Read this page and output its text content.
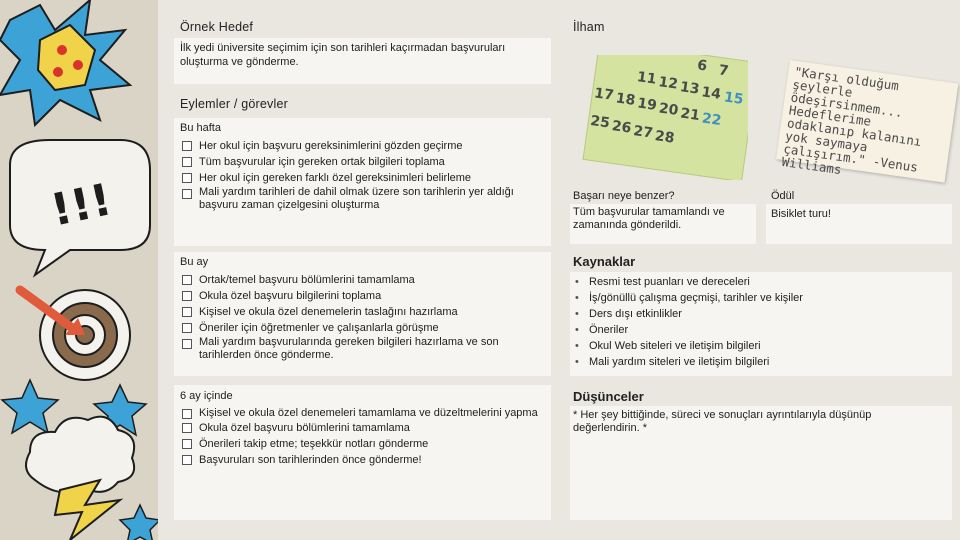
!!!
Örnek Hedef
İlk yedi üniversite seçimim için son tarihleri kaçırmadan başvuruları oluşturma ve gönderme.
Eylemler / görevler
Bu hafta
Her okul için başvuru gereksinimlerini gözden geçirme
Tüm başvurular için gereken ortak bilgileri toplama
Her okul için gereken farklı özel gereksinimleri belirleme
Mali yardım tarihleri de dahil olmak üzere son tarihlerin yer aldığı başvuru zaman çizelgesini oluşturma
Bu ay
Ortak/temel başvuru bölümlerini tamamlama
Okula özel başvuru bilgilerini toplama
Kişisel ve okula özel denemelerin taslağını hazırlama
Öneriler için öğretmenler ve çalışanlarla görüşme
Mali yardım başvurularında gereken bilgileri hazırlama ve son tarihlerden önce gönderme.
6 ay içinde
Kişisel ve okula özel denemeleri tamamlama ve düzeltmelerini yapma
Okula özel başvuru bölümlerini tamamlama
Önerileri takip etme; teşekkür notları gönderme
Başvuruları son tarihlerinden önce gönderme!
İlham
6 7
11 12 13 14 15
17 18 19 20 21 22
25 26 27 28
"Karşı olduğum şeylerle ödeşirsinmem... Hedeflerime odaklanıp kalanını yok saymaya çalışırım." -Venus Williams
Başarı neye benzer?
Tüm başvurular tamamlandı ve zamanında gönderildi.
Ödül
Bisiklet turu!
Kaynaklar
• Resmi test puanları ve dereceleri
• İş/gönüllü çalışma geçmişi, tarihler ve kişiler
• Ders dışı etkinlikler
• Öneriler
• Okul Web siteleri ve iletişim bilgileri
• Mali yardım siteleri ve iletişim bilgileri
Düşünceler
* Her şey bittiğinde, süreci ve sonuçları ayrıntılarıyla düşünüp değerlendirin. *
